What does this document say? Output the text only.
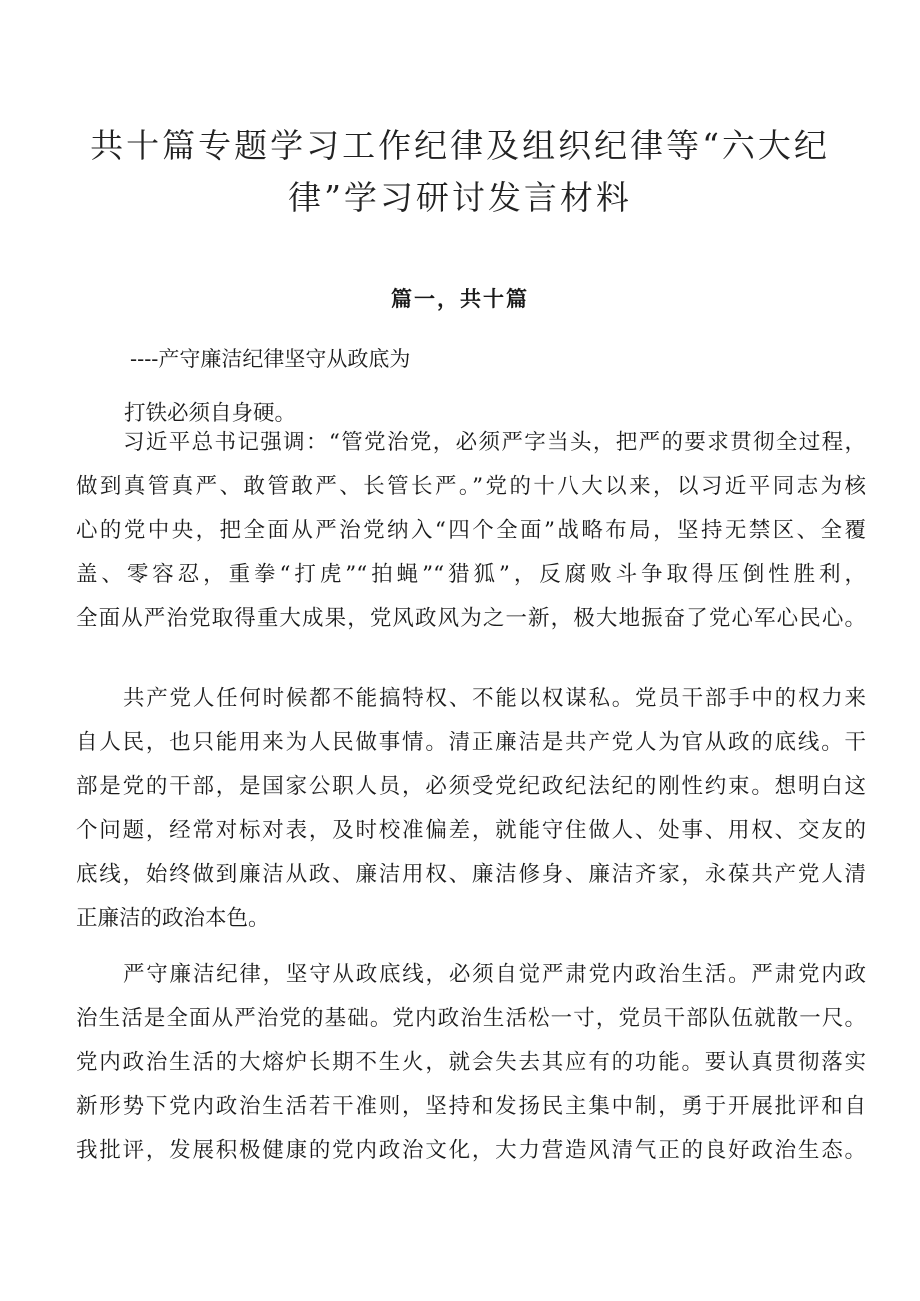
共十篇专题学习工作纪律及组织纪律等“六大纪
律”学习研讨发言材料
篇一，共十篇

----产守廉洁纪律坚守从政底为

打铁必须自身硬。

习近平总书记强调：“管党治党，必须严字当头，把严的要求贯彻全过程，
做到真管真严、敢管敢严、长管长严。”党的十八大以来，以习近平同志为核
心的党中央，把全面从严治党纳入“四个全面”战略布局，坚持无禁区、全覆
盖、零容忍，重拳“打虎”“拍蝇”“猎狐”，反腐败斗争取得压倒性胜利，
全面从严治党取得重大成果，党风政风为之一新，极大地振奋了党心军心民心。
共产党人任何时候都不能搞特权、不能以权谋私。党员干部手中的权力来
自人民，也只能用来为人民做事情。清正廉洁是共产党人为官从政的底线。干
部是党的干部，是国家公职人员，必须受党纪政纪法纪的刚性约束。想明白这
个问题，经常对标对表，及时校准偏差，就能守住做人、处事、用权、交友的
底线，始终做到廉洁从政、廉洁用权、廉洁修身、廉洁齐家，永葆共产党人清
正廉洁的政治本色。
严守廉洁纪律，坚守从政底线，必须自觉严肃党内政治生活。严肃党内政
治生活是全面从严治党的基础。党内政治生活松一寸，党员干部队伍就散一尺。
党内政治生活的大熔炉长期不生火，就会失去其应有的功能。要认真贯彻落实
新形势下党内政治生活若干准则，坚持和发扬民主集中制，勇于开展批评和自
我批评，发展积极健康的党内政治文化，大力营造风清气正的良好政治生态。
